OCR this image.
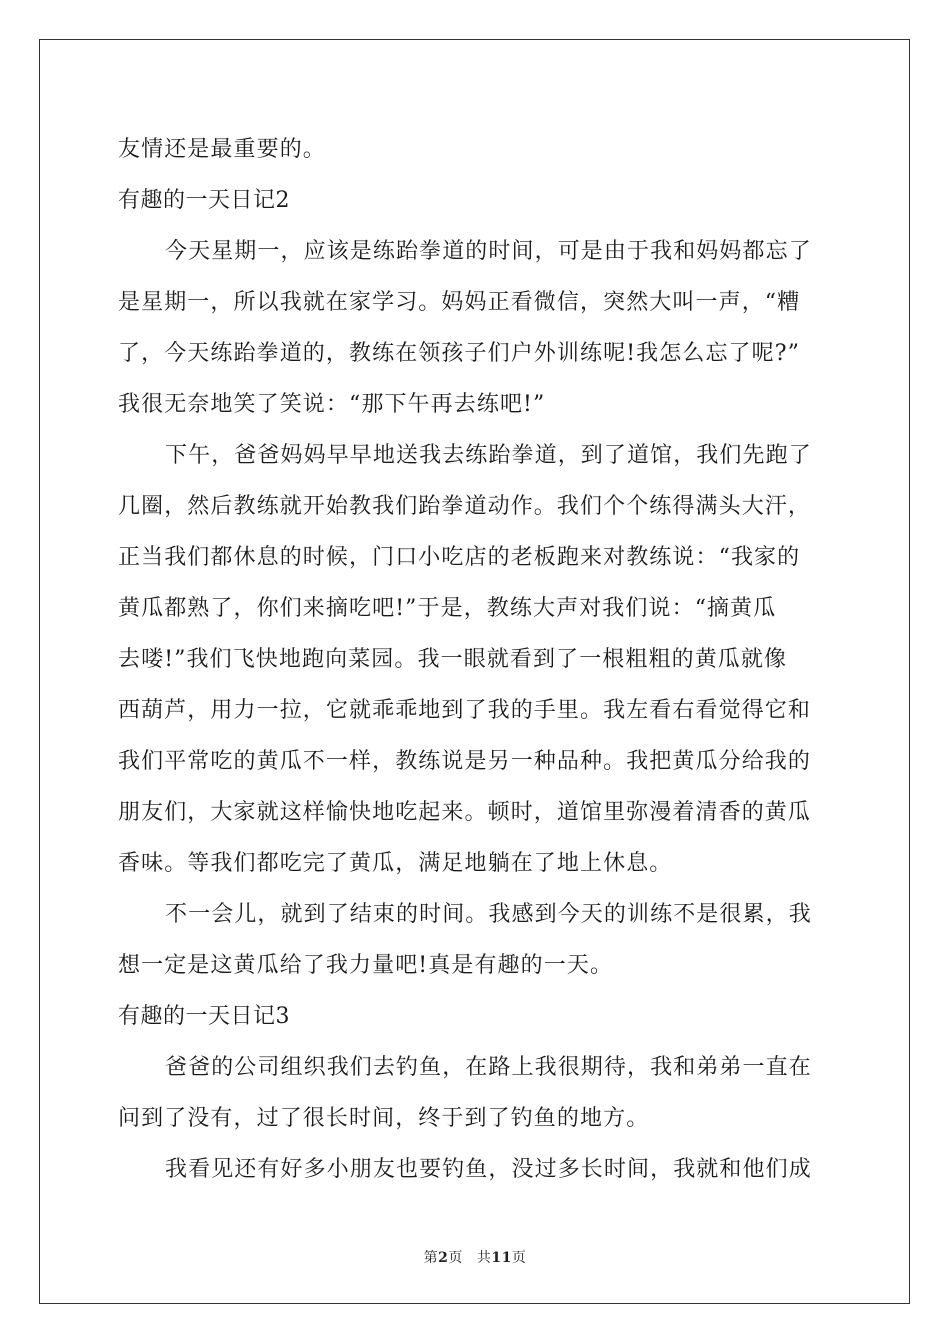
友情还是最重要的。
有趣的一天日记2
今天星期一，应该是练跆拳道的时间，可是由于我和妈妈都忘了
是星期一，所以我就在家学习。妈妈正看微信，突然大叫一声，“糟
了，今天练跆拳道的，教练在领孩子们户外训练呢!我怎么忘了呢?”
我很无奈地笑了笑说：“那下午再去练吧!”
下午，爸爸妈妈早早地送我去练跆拳道，到了道馆，我们先跑了
几圈，然后教练就开始教我们跆拳道动作。我们个个练得满头大汗，
正当我们都休息的时候，门口小吃店的老板跑来对教练说：“我家的
黄瓜都熟了，你们来摘吃吧!”于是，教练大声对我们说：“摘黄瓜
去喽!”我们飞快地跑向菜园。我一眼就看到了一根粗粗的黄瓜就像
西葫芦，用力一拉，它就乖乖地到了我的手里。我左看右看觉得它和
我们平常吃的黄瓜不一样，教练说是另一种品种。我把黄瓜分给我的
朋友们，大家就这样愉快地吃起来。顿时，道馆里弥漫着清香的黄瓜
香味。等我们都吃完了黄瓜，满足地躺在了地上休息。
不一会儿，就到了结束的时间。我感到今天的训练不是很累，我
想一定是这黄瓜给了我力量吧!真是有趣的一天。
有趣的一天日记3
爸爸的公司组织我们去钓鱼，在路上我很期待，我和弟弟一直在
问到了没有，过了很长时间，终于到了钓鱼的地方。
我看见还有好多小朋友也要钓鱼，没过多长时间，我就和他们成
第2页 共11页
